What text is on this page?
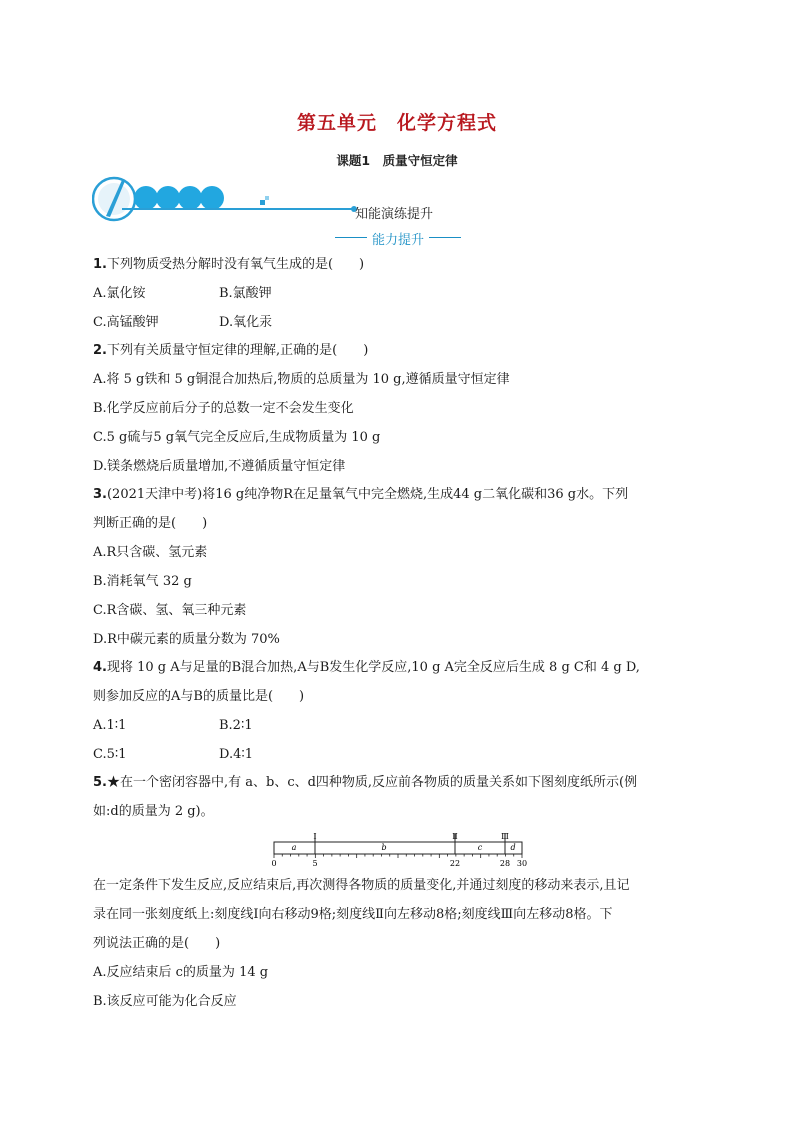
第五单元　化学方程式
课题1　质量守恒定律
知能演练提升
能力提升
1.下列物质受热分解时没有氧气生成的是(　　)
A.氯化铵	B.氯酸钾
C.高锰酸钾	D.氧化汞
2.下列有关质量守恒定律的理解,正确的是(　　)
A.将 5 g铁和 5 g铜混合加热后,物质的总质量为 10 g,遵循质量守恒定律
B.化学反应前后分子的总数一定不会发生变化
C.5 g硫与5 g氧气完全反应后,生成物质量为 10 g
D.镁条燃烧后质量增加,不遵循质量守恒定律
3.(2021天津中考)将16 g纯净物R在足量氧气中完全燃烧,生成44 g二氧化碳和36 g水。下列
判断正确的是(　　)
A.R只含碳、氢元素
B.消耗氧气 32 g
C.R含碳、氢、氧三种元素
D.R中碳元素的质量分数为 70%
4.现将 10 g A与足量的B混合加热,A与B发生化学反应,10 g A完全反应后生成 8 g C和 4 g D,
则参加反应的A与B的质量比是(　　)
A.1∶1	B.2∶1
C.5∶1	D.4∶1
5.★在一个密闭容器中,有 a、b、c、d四种物质,反应前各物质的质量关系如下图刻度纸所示(例
如:d的质量为 2 g)。
Ⅰ	Ⅱ	Ⅲ
a	b	c	d
0	5	22	28 30
在一定条件下发生反应,反应结束后,再次测得各物质的质量变化,并通过刻度的移动来表示,且记
录在同一张刻度纸上:刻度线Ⅰ向右移动9格;刻度线Ⅱ向左移动8格;刻度线Ⅲ向左移动8格。下
列说法正确的是(　　)
A.反应结束后 c的质量为 14 g
B.该反应可能为化合反应
